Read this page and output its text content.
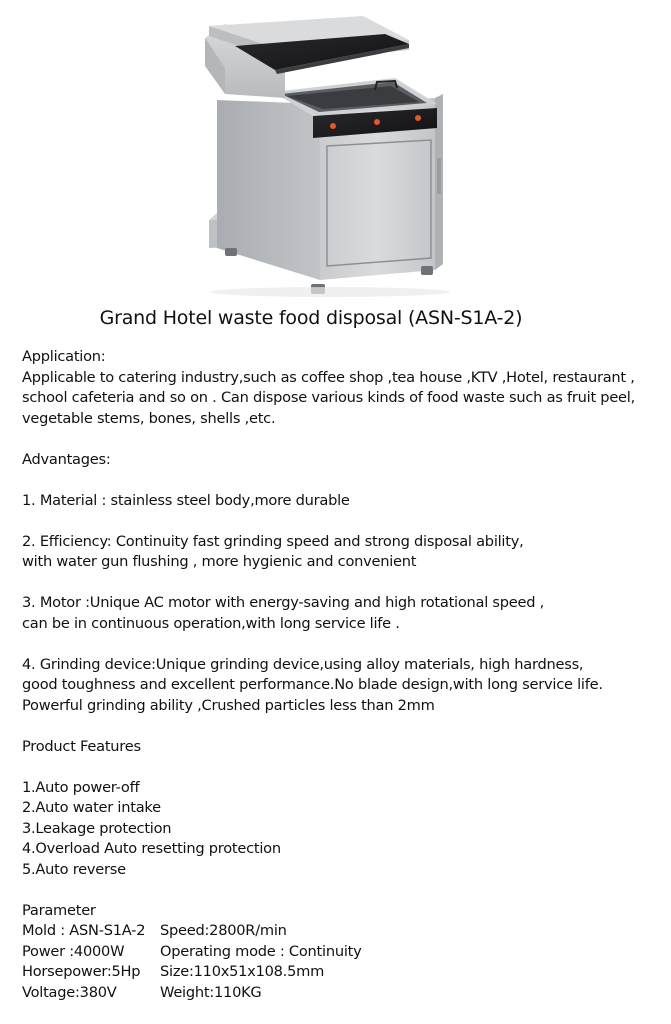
Grand Hotel waste food disposal (ASN-S1A-2)
Application:
Applicable to catering industry,such as coffee shop ,tea house ,KTV ,Hotel, restaurant ,
school cafeteria and so on . Can dispose various kinds of food waste such as fruit peel,
vegetable stems, bones, shells ,etc.
Advantages:
1. Material : stainless steel body,more durable
2. Efficiency: Continuity fast grinding speed and strong disposal ability,
with water gun flushing , more hygienic and convenient
3. Motor :Unique AC motor with energy-saving and high rotational speed ,
can be in continuous operation,with long service life .
4. Grinding device:Unique grinding device,using alloy materials, high hardness,
good toughness and excellent performance.No blade design,with long service life.
Powerful grinding ability ,Crushed particles less than 2mm
Product Features
1.Auto power-off
2.Auto water intake
3.Leakage protection
4.Overload Auto resetting protection
5.Auto reverse
Parameter
Mold : ASN-S1A-2	Speed:2800R/min
Power :4000W	Operating mode : Continuity
Horsepower:5Hp	Size:110x51x108.5mm
Voltage:380V	Weight:110KG
